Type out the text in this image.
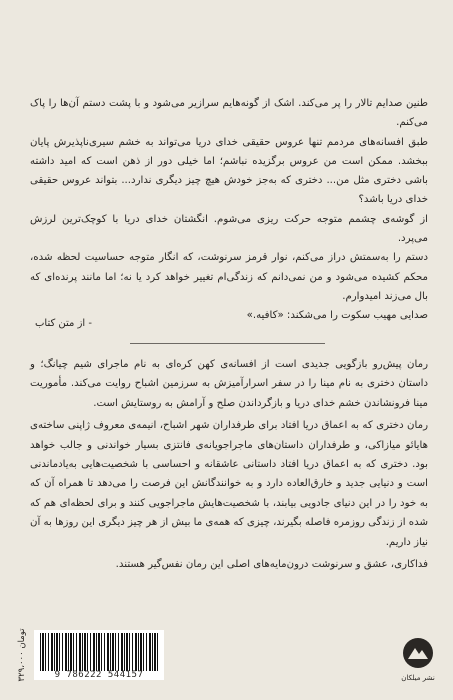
طنین صدایم تالار را پر می‌کند. اشک از گونه‌هایم سرازیر می‌شود و با پشت دستم آن‌ها را پاک می‌کنم.

طبق افسانه‌های مردمم تنها عروس حقیقی خدای دریا می‌تواند به خشم سیری‌ناپذیرش پایان ببخشد. ممکن است من عروس برگزیده نباشم؛ اما خیلی دور از ذهن است که امید داشته باشی دختری مثل من... دختری که به‌جز خودش هیچ چیز دیگری ندارد... بتواند عروس حقیقی خدای دریا باشد؟

از گوشه‌ی چشمم متوجه حرکت ریزی می‌شوم. انگشتان خدای دریا با کوچک‌ترین لرزش می‌پرد.

دستم را به‌سمتش دراز می‌کنم، نوار قرمز سرنوشت، که انگار متوجه حساسیت لحظه شده، محکم کشیده می‌شود و من نمی‌دانم که زندگی‌ام تغییر خواهد کرد یا نه؛ اما مانند پرنده‌ای که بال می‌زند امیدوارم.

صدایی مهیب سکوت را می‌شکند: «کافیه.»

- از متن کتاب

رمان پیش‌رو بازگویی جدیدی است از افسانه‌ی کهن کره‌ای به نام ماجرای شیم چیانگ؛ و داستان دختری به نام مینا را در سفر اسرارآمیزش به سرزمین اشباح روایت می‌کند. مأموریت مینا فرونشاندن خشم خدای دریا و بازگرداندن صلح و آرامش به روستایش است.

رمان دختری که به اعماق دریا افتاد برای طرفداران شهر اشباح، انیمه‌ی معروف ژاپنی ساخته‌ی هایائو میازاکی، و طرفداران داستان‌های ماجراجویانه‌ی فانتزی بسیار خواندنی و جالب خواهد بود. دختری که به اعماق دریا افتاد داستانی عاشقانه و احساسی با شخصیت‌هایی به‌یادماندنی است و دنیایی جدید و خارق‌العاده دارد و به خوانندگانش این فرصت را می‌دهد تا همراه آن که به خود را در این دنیای جادویی بیابند، با شخصیت‌هایش ماجراجویی کنند و برای لحظه‌ای هم که شده از زندگی روزمره فاصله بگیرند، چیزی که همه‌ی ما بیش از هر چیز دیگری این روزها به آن نیاز داریم.

فداکاری، عشق و سرنوشت درون‌مایه‌های اصلی این رمان نفس‌گیر هستند.

۳۲۹،۰۰۰ تومان
9 786222 544157	نشر میلکان
